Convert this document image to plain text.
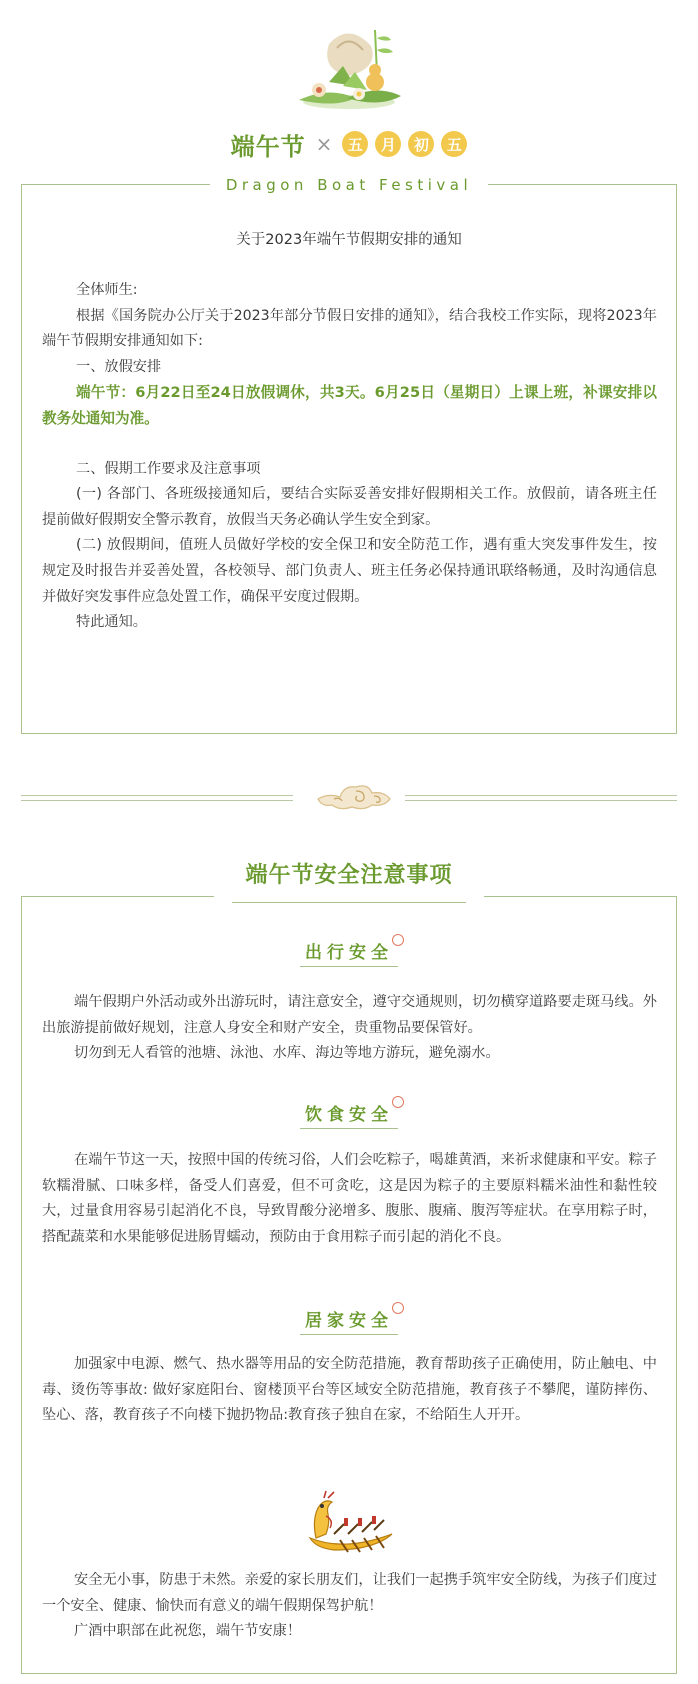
端午节 ×	五	月	初	五
Dragon Boat Festival
关于2023年端午节假期安排的通知

全体师生:

根据《国务院办公厅关于2023年部分节假日安排的通知》，结合我校工作实际，现将2023年端午节假期安排通知如下:

一、放假安排

端午节：6月22日至24日放假调休，共3天。6月25日（星期日）上课上班，补课安排以教务处通知为准。

二、假期工作要求及注意事项

(一) 各部门、各班级接通知后，要结合实际妥善安排好假期相关工作。放假前，请各班主任提前做好假期安全警示教育，放假当天务必确认学生安全到家。

(二) 放假期间，值班人员做好学校的安全保卫和安全防范工作，遇有重大突发事件发生，按规定及时报告并妥善处置，各校领导、部门负责人、班主任务必保持通讯联络畅通，及时沟通信息并做好突发事件应急处置工作，确保平安度过假期。

特此通知。

端午节安全注意事项
出行安全

端午假期户外活动或外出游玩时，请注意安全，遵守交通规则，切勿横穿道路要走斑马线。外出旅游提前做好规划，注意人身安全和财产安全，贵重物品要保管好。

切勿到无人看管的池塘、泳池、水库、海边等地方游玩，避免溺水。

饮食安全

在端午节这一天，按照中国的传统习俗，人们会吃粽子，喝雄黄酒，来祈求健康和平安。粽子软糯滑腻、口味多样，备受人们喜爱，但不可贪吃，这是因为粽子的主要原料糯米油性和黏性较大，过量食用容易引起消化不良，导致胃酸分泌增多、腹胀、腹痛、腹泻等症状。在享用粽子时，搭配蔬菜和水果能够促进肠胃蠕动，预防由于食用粽子而引起的消化不良。

居家安全

加强家中电源、燃气、热水器等用品的安全防范措施，教育帮助孩子正确使用，防止触电、中毒、烫伤等事故: 做好家庭阳台、窗楼顶平台等区域安全防范措施，教育孩子不攀爬，谨防摔伤、坠心、落，教育孩子不向楼下抛扔物品:教育孩子独自在家，不给陌生人开开。

安全无小事，防患于未然。亲爱的家长朋友们，让我们一起携手筑牢安全防线，为孩子们度过一个安全、健康、愉快而有意义的端午假期保驾护航！

广酒中职部在此祝您，端午节安康！
